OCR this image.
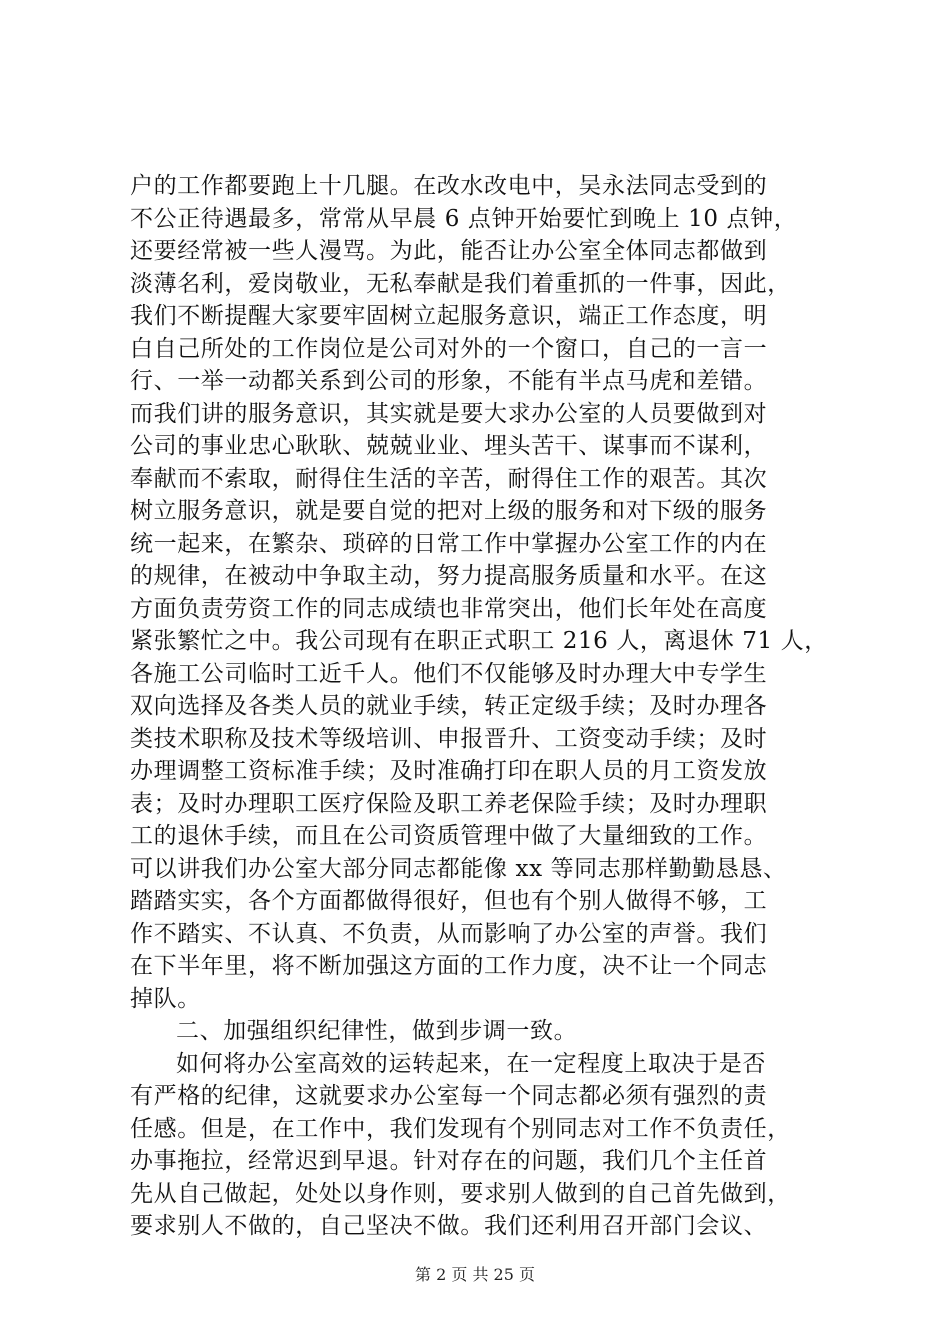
户的工作都要跑上十几腿。在改水改电中，吴永法同志受到的
不公正待遇最多，常常从早晨 6 点钟开始要忙到晚上 10 点钟，
还要经常被一些人漫骂。为此，能否让办公室全体同志都做到
淡薄名利，爱岗敬业，无私奉献是我们着重抓的一件事，因此，
我们不断提醒大家要牢固树立起服务意识，端正工作态度，明
白自己所处的工作岗位是公司对外的一个窗口，自己的一言一
行、一举一动都关系到公司的形象，不能有半点马虎和差错。
而我们讲的服务意识，其实就是要大求办公室的人员要做到对
公司的事业忠心耿耿、兢兢业业、埋头苦干、谋事而不谋利，
奉献而不索取，耐得住生活的辛苦，耐得住工作的艰苦。其次
树立服务意识，就是要自觉的把对上级的服务和对下级的服务
统一起来，在繁杂、琐碎的日常工作中掌握办公室工作的内在
的规律，在被动中争取主动，努力提高服务质量和水平。在这
方面负责劳资工作的同志成绩也非常突出，他们长年处在高度
紧张繁忙之中。我公司现有在职正式职工 216 人，离退休 71 人，
各施工公司临时工近千人。他们不仅能够及时办理大中专学生
双向选择及各类人员的就业手续，转正定级手续；及时办理各
类技术职称及技术等级培训、申报晋升、工资变动手续；及时
办理调整工资标准手续；及时准确打印在职人员的月工资发放
表；及时办理职工医疗保险及职工养老保险手续；及时办理职
工的退休手续，而且在公司资质管理中做了大量细致的工作。
可以讲我们办公室大部分同志都能像 xx 等同志那样勤勤恳恳、
踏踏实实，各个方面都做得很好，但也有个别人做得不够，工
作不踏实、不认真、不负责，从而影响了办公室的声誉。我们
在下半年里，将不断加强这方面的工作力度，决不让一个同志
掉队。
二、加强组织纪律性，做到步调一致。
如何将办公室高效的运转起来，在一定程度上取决于是否
有严格的纪律，这就要求办公室每一个同志都必须有强烈的责
任感。但是，在工作中，我们发现有个别同志对工作不负责任，
办事拖拉，经常迟到早退。针对存在的问题，我们几个主任首
先从自己做起，处处以身作则，要求别人做到的自己首先做到，
要求别人不做的，自己坚决不做。我们还利用召开部门会议、
第 2 页 共 25 页
